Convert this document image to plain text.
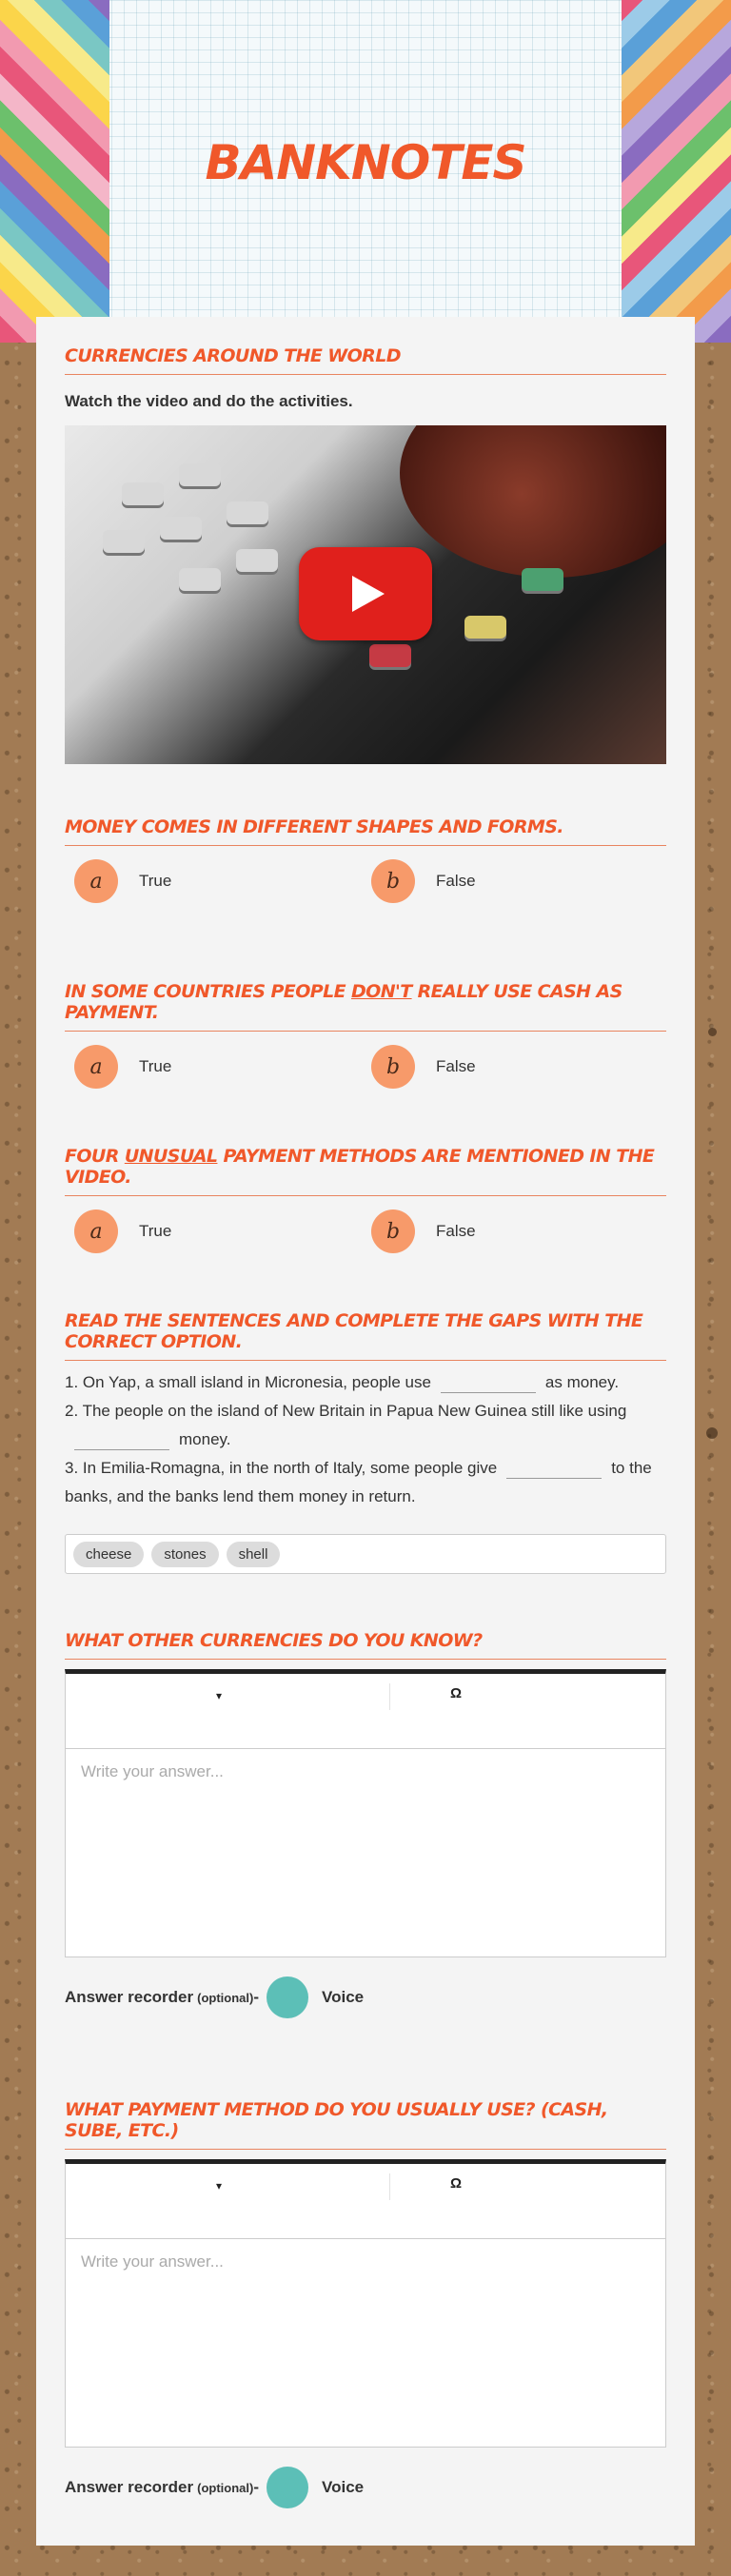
BANKNOTES
CURRENCIES AROUND THE WORLD
Watch the video and do the activities.
MONEY COMES IN DIFFERENT SHAPES AND FORMS.
a	True	b	False
IN SOME COUNTRIES PEOPLE DON'T REALLY USE CASH AS PAYMENT.
a	True	b	False
FOUR UNUSUAL PAYMENT METHODS ARE MENTIONED IN THE VIDEO.
a	True	b	False
READ THE SENTENCES AND COMPLETE THE GAPS WITH THE CORRECT OPTION.
1. On Yap, a small island in Micronesia, people use	as money.
2. The people on the island of New Britain in Papua New Guinea still like usingmoney.
3. In Emilia-Romagna, in the north of Italy, some people give	to the banks, and the banks lend them money in return.
cheese	stones	shell
WHAT OTHER CURRENCIES DO YOU KNOW?
▾	Ω
Write your answer...
Answer recorder (optional) -	Voice
WHAT PAYMENT METHOD DO YOU USUALLY USE? (CASH, SUBE, ETC.)
▾	Ω
Write your answer...
Answer recorder (optional) -	Voice
